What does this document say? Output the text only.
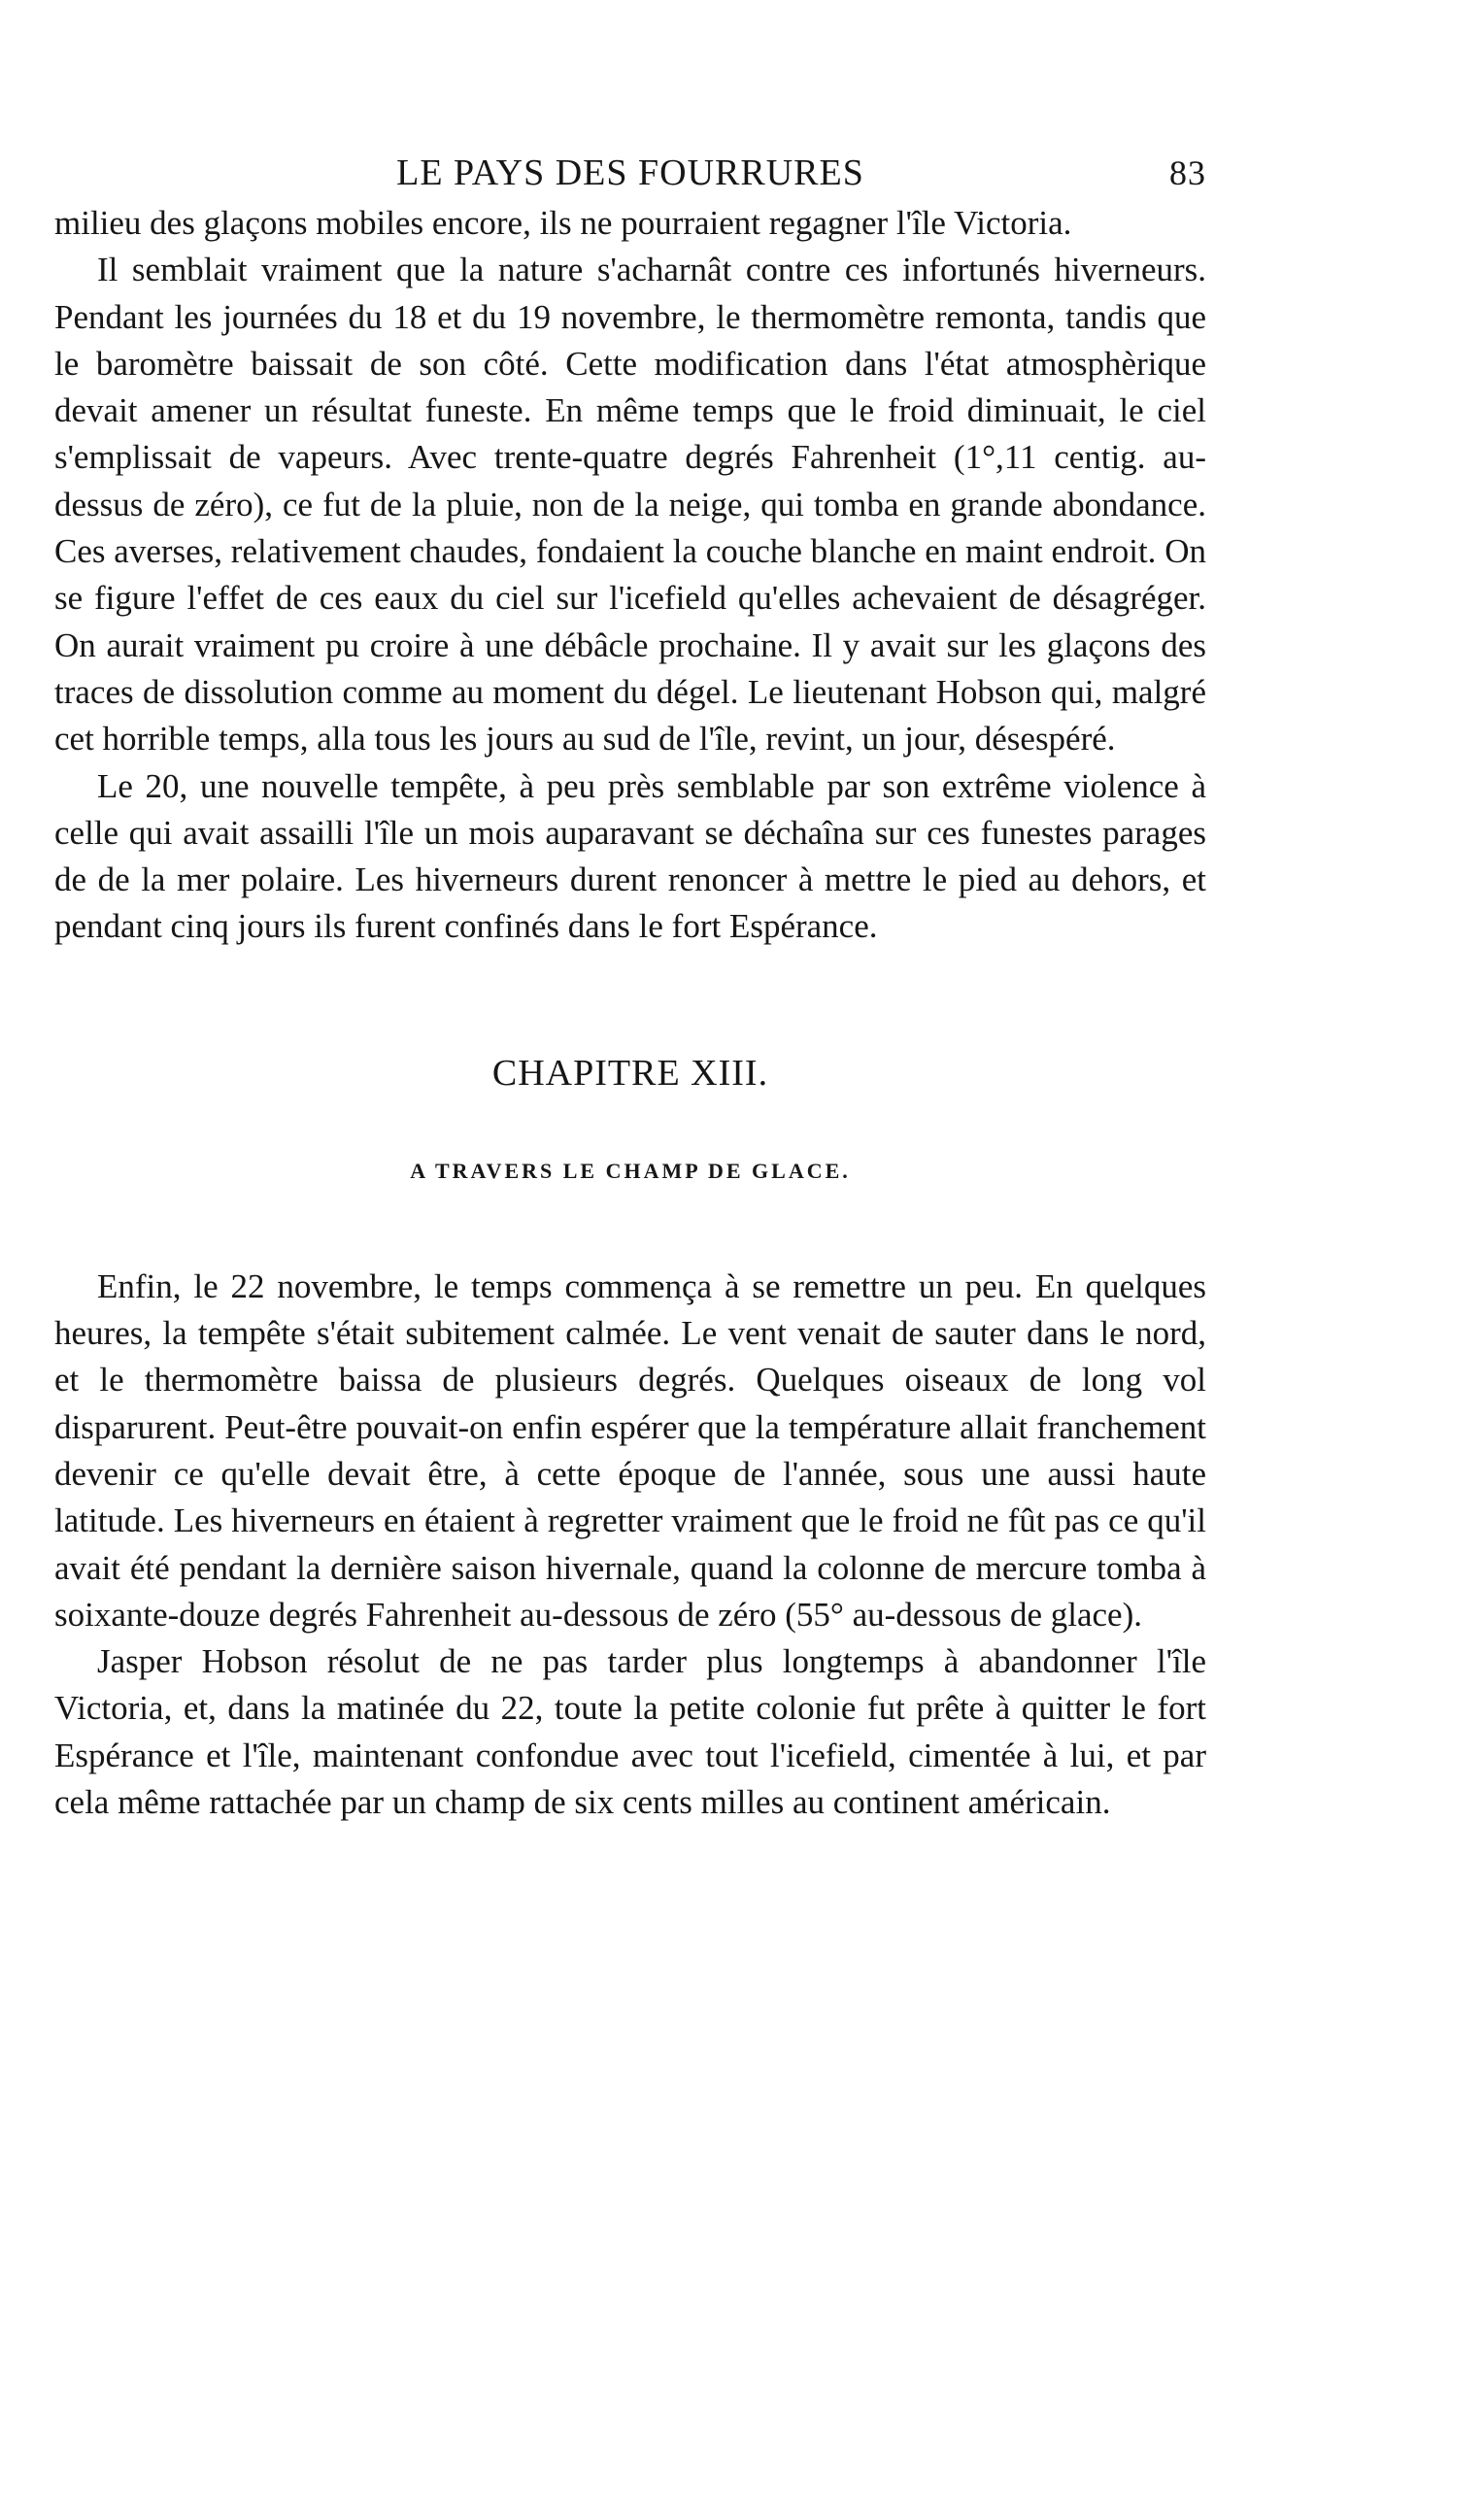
LE PAYS DES FOURRURES	83

milieu des glaçons mobiles encore, ils ne pourraient regagner l'île Victoria.

Il semblait vraiment que la nature s'acharnât contre ces infortunés hiverneurs. Pendant les journées du 18 et du 19 novembre, le thermomètre remonta, tandis que le baromètre baissait de son côté. Cette modification dans l'état atmosphèrique devait amener un résultat funeste. En même temps que le froid diminuait, le ciel s'emplissait de vapeurs. Avec trente-quatre degrés Fahrenheit (1°,11 centig. au-dessus de zéro), ce fut de la pluie, non de la neige, qui tomba en grande abondance. Ces averses, relativement chaudes, fondaient la couche blanche en maint endroit. On se figure l'effet de ces eaux du ciel sur l'icefield qu'elles achevaient de désagréger. On aurait vraiment pu croire à une débâcle prochaine. Il y avait sur les glaçons des traces de dissolution comme au moment du dégel. Le lieutenant Hobson qui, malgré cet horrible temps, alla tous les jours au sud de l'île, revint, un jour, désespéré.

Le 20, une nouvelle tempête, à peu près semblable par son extrême violence à celle qui avait assailli l'île un mois auparavant se déchaîna sur ces funestes parages de de la mer polaire. Les hiverneurs durent renoncer à mettre le pied au dehors, et pendant cinq jours ils furent confinés dans le fort Espérance.

CHAPITRE XIII.
A TRAVERS LE CHAMP DE GLACE.

Enfin, le 22 novembre, le temps commença à se remettre un peu. En quelques heures, la tempête s'était subitement calmée. Le vent venait de sauter dans le nord, et le thermomètre baissa de plusieurs degrés. Quelques oiseaux de long vol disparurent. Peut-être pouvait-on enfin espérer que la température allait franchement devenir ce qu'elle devait être, à cette époque de l'année, sous une aussi haute latitude. Les hiverneurs en étaient à regretter vraiment que le froid ne fût pas ce qu'il avait été pendant la dernière saison hivernale, quand la colonne de mercure tomba à soixante-douze degrés Fahrenheit au-dessous de zéro (55° au-dessous de glace).

Jasper Hobson résolut de ne pas tarder plus longtemps à abandonner l'île Victoria, et, dans la matinée du 22, toute la petite colonie fut prête à quitter le fort Espérance et l'île, maintenant confondue avec tout l'icefield, cimentée à lui, et par cela même rattachée par un champ de six cents milles au continent américain.
